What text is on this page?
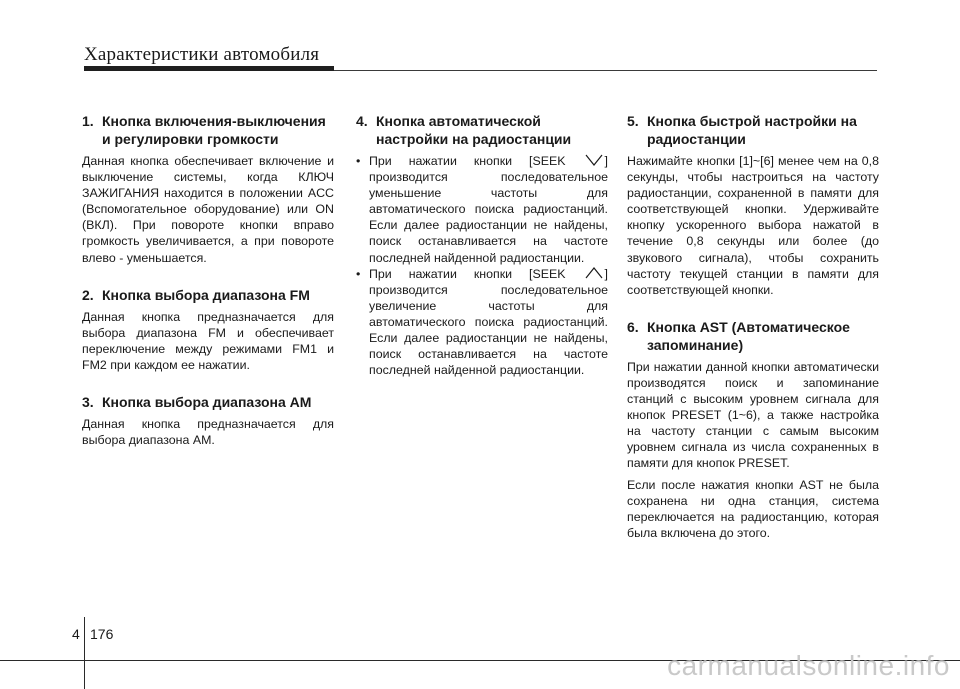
Характеристики автомобиля
1. Кнопка включения-выключения и регулировки громкости

Данная кнопка обеспечивает включение и выключение системы, когда КЛЮЧ ЗАЖИГАНИЯ находится в положении ACC (Вспомогательное оборудование) или ON (ВКЛ). При повороте кнопки вправо громкость увеличивается, а при повороте влево - уменьшается.

2. Кнопка выбора диапазона FM

Данная кнопка предназначается для выбора диапазона FM и обеспечивает переключение между режимами FM1 и FM2 при каждом ее нажатии.

3. Кнопка выбора диапазона AM

Данная кнопка предназначается для выбора диапазона AM.

4. Кнопка автоматической настройки на радиостанции
• При нажатии кнопки [SEEK	] производится последовательное уменьшение частоты для автоматического поиска радиостанций. Если далее радиостанции не найдены, поиск останавливается на частоте последней найденной радиостанции.
• При нажатии кнопки [SEEK	] производится последовательное увеличение частоты для автоматического поиска радиостанций. Если далее радиостанции не найдены, поиск останавливается на частоте последней найденной радиостанции.
5. Кнопка быстрой настройки на радиостанции

Нажимайте кнопки [1]~[6] менее чем на 0,8 секунды, чтобы настроиться на частоту радиостанции, сохраненной в памяти для соответствующей кнопки. Удерживайте кнопку ускоренного выбора нажатой в течение 0,8 секунды или более (до звукового сигнала), чтобы сохранить частоту текущей станции в памяти для соответствующей кнопки.

6. Кнопка AST (Автоматическое запоминание)

При нажатии данной кнопки автоматически производятся поиск и запоминание станций с высоким уровнем сигнала для кнопок PRESET (1~6), а также настройка на частоту станции с самым высоким уровнем сигнала из числа сохраненных в памяти для кнопок PRESET.

Если после нажатия кнопки AST не была сохранена ни одна станция, система переключается на радиостанцию, которая была включена до этого.

4 176
carmanualsonline.info
